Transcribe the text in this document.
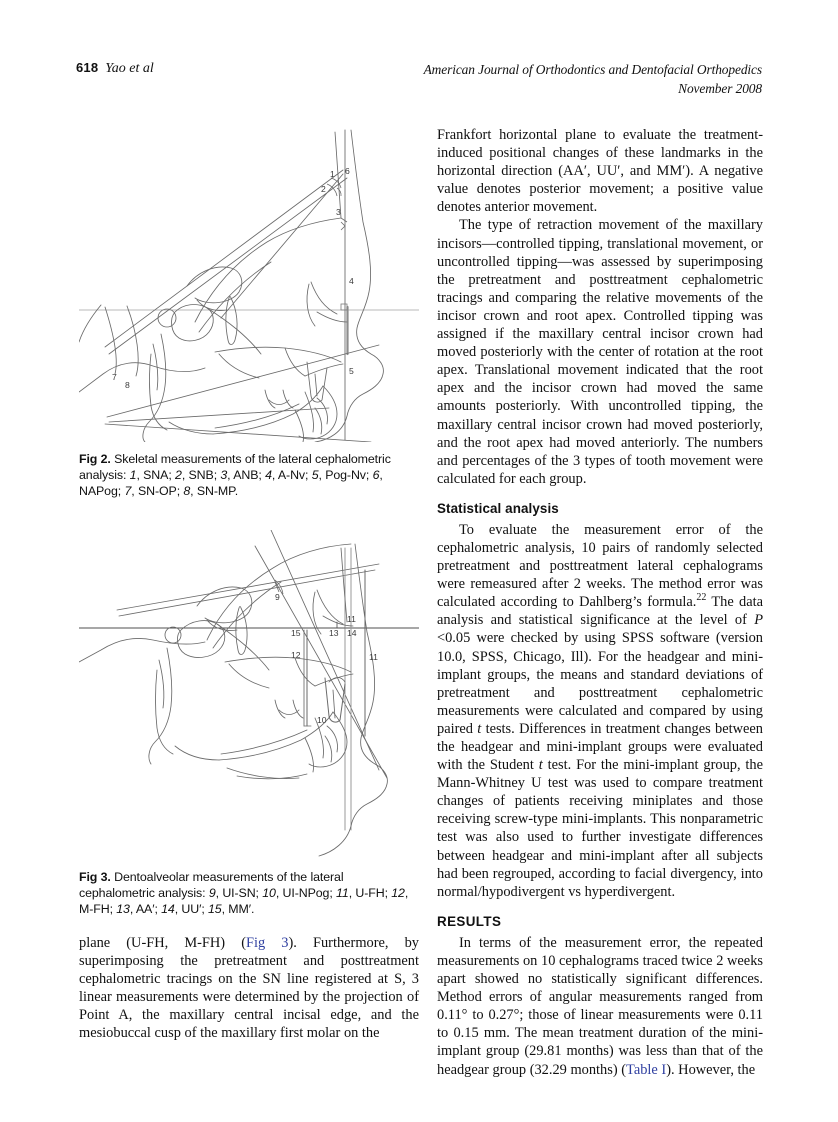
618 Yao et al	American Journal of Orthodontics and Dentofacial Orthopedics
November 2008
1
2
3
4
5
6
7
8
Fig 2. Skeletal measurements of the lateral cephalometric analysis: 1, SNA; 2, SNB; 3, ANB; 4, A-Nv; 5, Pog-Nv; 6, NAPog; 7, SN-OP; 8, SN-MP.
9
10
11
11
12
13 14
15
Fig 3. Dentoalveolar measurements of the lateral cephalometric analysis: 9, UI-SN; 10, UI-NPog; 11, U-FH; 12, M-FH; 13, AA′; 14, UU′; 15, MM′.

plane (U-FH, M-FH) (Fig 3). Furthermore, by superimposing the pretreatment and posttreatment cephalometric tracings on the SN line registered at S, 3 linear measurements were determined by the projection of Point A, the maxillary central incisal edge, and the mesiobuccal cusp of the maxillary first molar on the

Frankfort horizontal plane to evaluate the treatment-induced positional changes of these landmarks in the horizontal direction (AA′, UU′, and MM′). A negative value denotes posterior movement; a positive value denotes anterior movement.

The type of retraction movement of the maxillary incisors—controlled tipping, translational movement, or uncontrolled tipping—was assessed by superimposing the pretreatment and posttreatment cephalometric tracings and comparing the relative movements of the incisor crown and root apex. Controlled tipping was assigned if the maxillary central incisor crown had moved posteriorly with the center of rotation at the root apex. Translational movement indicated that the root apex and the incisor crown had moved the same amounts posteriorly. With uncontrolled tipping, the maxillary central incisor crown had moved posteriorly, and the root apex had moved anteriorly. The numbers and percentages of the 3 types of tooth movement were calculated for each group.

Statistical analysis

To evaluate the measurement error of the cephalometric analysis, 10 pairs of randomly selected pretreatment and posttreatment lateral cephalograms were remeasured after 2 weeks. The method error was calculated according to Dahlberg’s formula.$^{22}$ The data analysis and statistical significance at the level of P <0.05 were checked by using SPSS software (version 10.0, SPSS, Chicago, Ill). For the headgear and mini-implant groups, the means and standard deviations of pretreatment and posttreatment cephalometric measurements were calculated and compared by using paired t tests. Differences in treatment changes between the headgear and mini-implant groups were evaluated with the Student t test. For the mini-implant group, the Mann-Whitney U test was used to compare treatment changes of patients receiving miniplates and those receiving screw-type mini-implants. This nonparametric test was also used to further investigate differences between headgear and mini-implant after all subjects had been regrouped, according to facial divergency, into normal/hypodivergent vs hyperdivergent.

RESULTS

In terms of the measurement error, the repeated measurements on 10 cephalograms traced twice 2 weeks apart showed no statistically significant differences. Method errors of angular measurements ranged from 0.11° to 0.27°; those of linear measurements were 0.11 to 0.15 mm. The mean treatment duration of the mini-implant group (29.81 months) was less than that of the headgear group (32.29 months) (Table I). However, the
